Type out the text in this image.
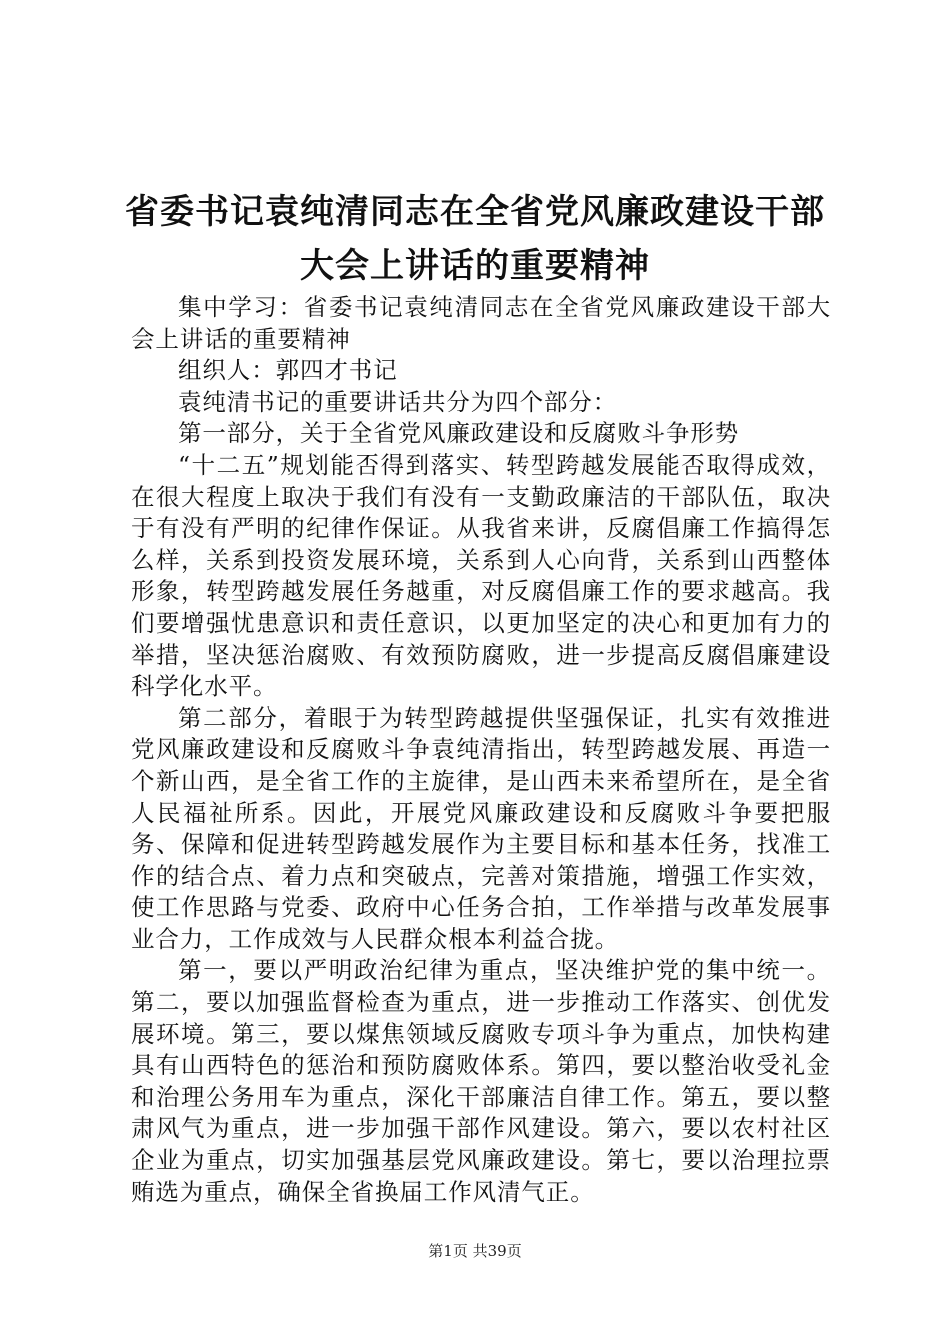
省委书记袁纯清同志在全省党风廉政建设干部
大会上讲话的重要精神

集中学习：省委书记袁纯清同志在全省党风廉政建设干部大会上讲话的重要精神

组织人：郭四才书记

袁纯清书记的重要讲话共分为四个部分：

第一部分，关于全省党风廉政建设和反腐败斗争形势

“十二五”规划能否得到落实、转型跨越发展能否取得成效，在很大程度上取决于我们有没有一支勤政廉洁的干部队伍，取决于有没有严明的纪律作保证。从我省来讲，反腐倡廉工作搞得怎么样，关系到投资发展环境，关系到人心向背，关系到山西整体形象，转型跨越发展任务越重，对反腐倡廉工作的要求越高。我们要增强忧患意识和责任意识，以更加坚定的决心和更加有力的举措，坚决惩治腐败、有效预防腐败，进一步提高反腐倡廉建设科学化水平。

第二部分，着眼于为转型跨越提供坚强保证，扎实有效推进党风廉政建设和反腐败斗争袁纯清指出，转型跨越发展、再造一个新山西，是全省工作的主旋律，是山西未来希望所在，是全省人民福祉所系。因此，开展党风廉政建设和反腐败斗争要把服务、保障和促进转型跨越发展作为主要目标和基本任务，找准工作的结合点、着力点和突破点，完善对策措施，增强工作实效，使工作思路与党委、政府中心任务合拍，工作举措与改革发展事业合力，工作成效与人民群众根本利益合拢。

第一，要以严明政治纪律为重点，坚决维护党的集中统一。第二，要以加强监督检查为重点，进一步推动工作落实、创优发展环境。第三，要以煤焦领域反腐败专项斗争为重点，加快构建具有山西特色的惩治和预防腐败体系。第四，要以整治收受礼金和治理公务用车为重点，深化干部廉洁自律工作。第五，要以整肃风气为重点，进一步加强干部作风建设。第六，要以农村社区企业为重点，切实加强基层党风廉政建设。第七，要以治理拉票贿选为重点，确保全省换届工作风清气正。

第1页 共39页
